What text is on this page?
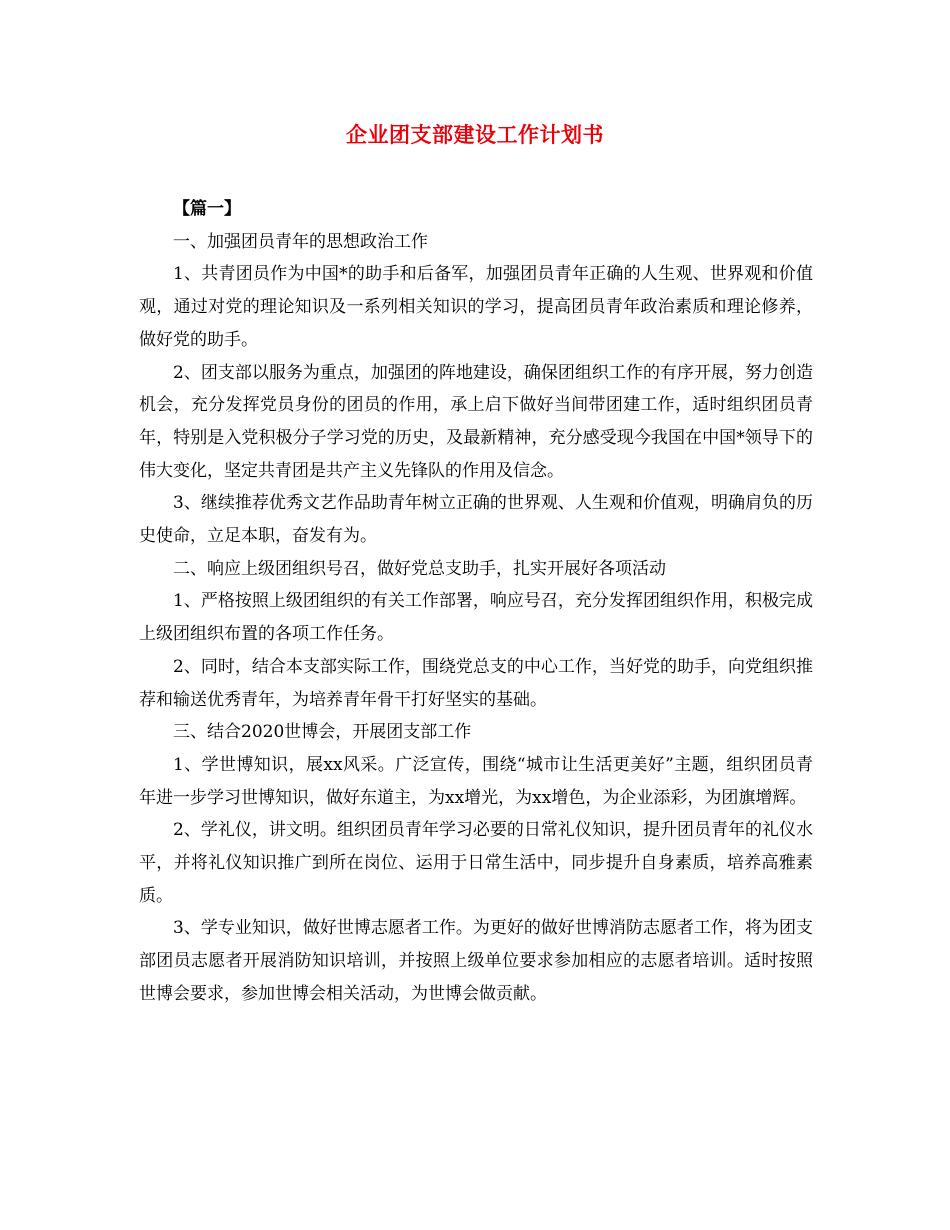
企业团支部建设工作计划书

【篇一】

一、加强团员青年的思想政治工作

1、共青团员作为中国*的助手和后备军，加强团员青年正确的人生观、世界观和价值观，通过对党的理论知识及一系列相关知识的学习，提高团员青年政治素质和理论修养，做好党的助手。

2、团支部以服务为重点，加强团的阵地建设，确保团组织工作的有序开展，努力创造机会，充分发挥党员身份的团员的作用，承上启下做好当间带团建工作，适时组织团员青年，特别是入党积极分子学习党的历史，及最新精神，充分感受现今我国在中国*领导下的伟大变化，坚定共青团是共产主义先锋队的作用及信念。

3、继续推荐优秀文艺作品助青年树立正确的世界观、人生观和价值观，明确肩负的历史使命，立足本职，奋发有为。

二、响应上级团组织号召，做好党总支助手，扎实开展好各项活动

1、严格按照上级团组织的有关工作部署，响应号召，充分发挥团组织作用，积极完成上级团组织布置的各项工作任务。

2、同时，结合本支部实际工作，围绕党总支的中心工作，当好党的助手，向党组织推荐和输送优秀青年，为培养青年骨干打好坚实的基础。

三、结合2020世博会，开展团支部工作

1、学世博知识，展xx风采。广泛宣传，围绕“城市让生活更美好”主题，组织团员青年进一步学习世博知识，做好东道主，为xx增光，为xx增色，为企业添彩，为团旗增辉。

2、学礼仪，讲文明。组织团员青年学习必要的日常礼仪知识，提升团员青年的礼仪水平，并将礼仪知识推广到所在岗位、运用于日常生活中，同步提升自身素质，培养高雅素质。

3、学专业知识，做好世博志愿者工作。为更好的做好世博消防志愿者工作，将为团支部团员志愿者开展消防知识培训，并按照上级单位要求参加相应的志愿者培训。适时按照世博会要求，参加世博会相关活动，为世博会做贡献。
